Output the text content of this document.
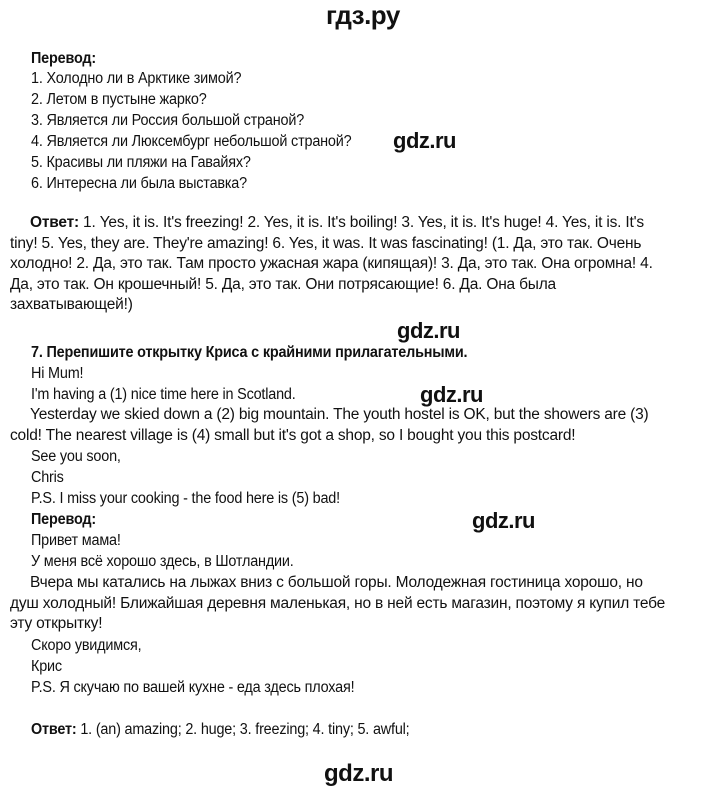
гдз.ру
Перевод:
1. Холодно ли в Арктике зимой?
2. Летом в пустыне жарко?
3. Является ли Россия большой страной?
4. Является ли Люксембург небольшой страной? gdz.ru
5. Красивы ли пляжи на Гавайях?
6. Интересна ли была выставка?
Ответ: 1. Yes, it is. It's freezing! 2. Yes, it is. It's boiling! 3. Yes, it is. It's huge! 4. Yes, it is. It's tiny! 5. Yes, they are. They're amazing! 6. Yes, it was. It was fascinating! (1. Да, это так. Очень холодно! 2. Да, это так. Там просто ужасная жара (кипящая)! 3. Да, это так. Она огромна! 4. Да, это так. Он крошечный! 5. Да, это так. Они потрясающие! 6. Да. Она была захватывающей!)
gdz.ru
7. Перепишите открытку Криса с крайними прилагательными.
Hi Mum!
I'm having a (1) nice time here in Scotland.	gdz.ru
Yesterday we skied down a (2) big mountain. The youth hostel is OK, but the showers are (3) cold! The nearest village is (4) small but it's got a shop, so I bought you this postcard!
See you soon,
Chris
P.S. I miss your cooking - the food here is (5) bad!
Перевод:	gdz.ru
Привет мама!
У меня всё хорошо здесь, в Шотландии.
Вчера мы катались на лыжах вниз с большой горы. Молодежная гостиница хорошо, но душ холодный! Ближайшая деревня маленькая, но в ней есть магазин, поэтому я купил тебе эту открытку!
Скоро увидимся,
Крис
P.S. Я скучаю по вашей кухне - еда здесь плохая!
Ответ: 1. (an) amazing; 2. huge; 3. freezing; 4. tiny; 5. awful;
gdz.ru
